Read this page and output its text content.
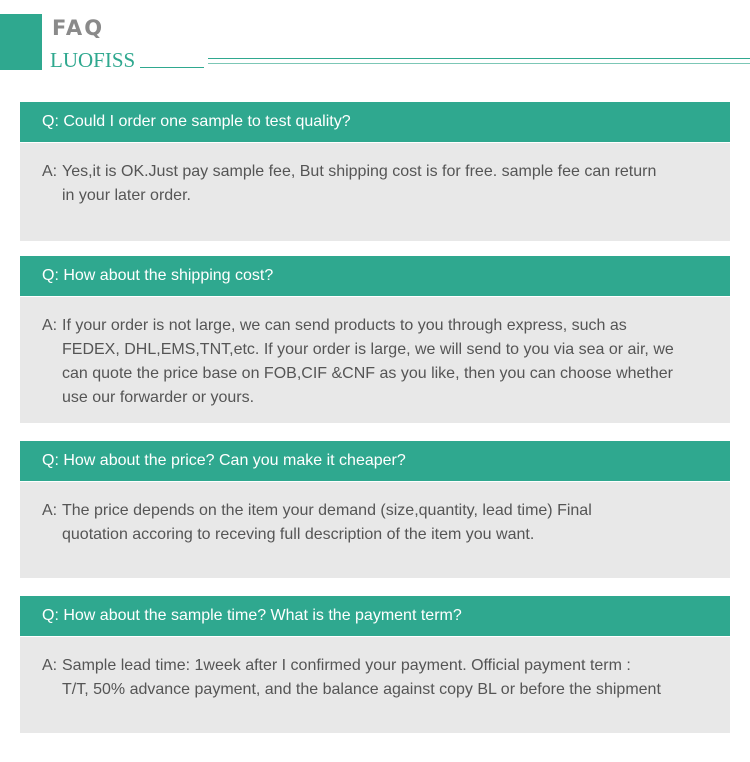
FAQ
LUOFISS
Q: Could I order one sample to test quality?
A: Yes,it is OK.Just pay sample fee, But shipping cost is for free. sample fee can return
in your later order.
Q: How about the shipping cost?
A: If your order is not large, we can send products to you through express, such as
FEDEX, DHL,EMS,TNT,etc. If your order is large, we will send to you via sea or air, we
can quote the price base on FOB,CIF &CNF as you like, then you can choose whether
use our forwarder or yours.
Q: How about the price? Can you make it cheaper?
A: The price depends on the item your demand (size,quantity, lead time) Final
quotation accoring to receving full description of the item you want.
Q: How about the sample time? What is the payment term?
A: Sample lead time: 1week after I confirmed your payment. Official payment term :
T/T, 50% advance payment, and the balance against copy BL or before the shipment
